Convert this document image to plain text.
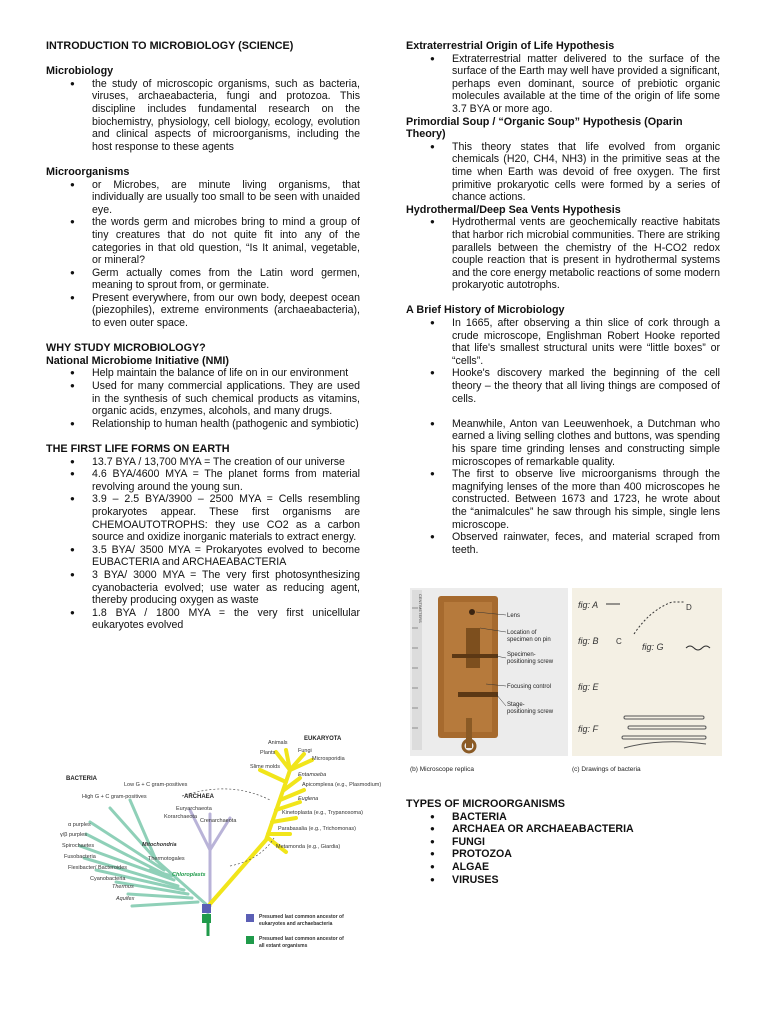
INTRODUCTION TO MICROBIOLOGY (SCIENCE)
Microbiology
● the study of microscopic organisms, such as bacteria, viruses, archaeabacteria, fungi and protozoa. This discipline includes fundamental research on the biochemistry, physiology, cell biology, ecology, evolution and clinical aspects of microorganisms, including the host response to these agents
Microorganisms
● or Microbes, are minute living organisms, that individually are usually too small to be seen with unaided eye.
● the words germ and microbes bring to mind a group of tiny creatures that do not quite fit into any of the categories in that old question, “Is It animal, vegetable, or mineral?
● Germ actually comes from the Latin word germen, meaning to sprout from, or germinate.
● Present everywhere, from our own body, deepest ocean (piezophiles), extreme environments (archaeabacteria), to even outer space.
WHY STUDY MICROBIOLOGY?
National Microbiome Initiative (NMI)
● Help maintain the balance of life on in our environment
● Used for many commercial applications. They are used in the synthesis of such chemical products as vitamins, organic acids, enzymes, alcohols, and many drugs.
● Relationship to human health (pathogenic and symbiotic)
THE FIRST LIFE FORMS ON EARTH
● 13.7 BYA / 13,700 MYA = The creation of our universe
● 4.6 BYA/4600 MYA = The planet forms from material revolving around the young sun.
● 3.9 – 2.5 BYA/3900 – 2500 MYA = Cells resembling prokaryotes appear. These first organisms are CHEMOAUTOTROPHS: they use CO2 as a carbon source and oxidize inorganic materials to extract energy.
● 3.5 BYA/ 3500 MYA = Prokaryotes evolved to become EUBACTERIA and ARCHAEABACTERIA
● 3 BYA/ 3000 MYA = The very first photosynthesizing cyanobacteria evolved; use water as reducing agent, thereby producing oxygen as waste
● 1.8 BYA / 1800 MYA = the very first unicellular eukaryotes evolved
Extraterrestrial Origin of Life Hypothesis
● Extraterrestrial matter delivered to the surface of the surface of the Earth may well have provided a significant, perhaps even dominant, source of prebiotic organic molecules available at the time of the origin of life some 3.7 BYA or more ago.
Primordial Soup / “Organic Soup” Hypothesis (Oparin Theory)
● This theory states that life evolved from organic chemicals (H20, CH4, NH3) in the primitive seas at the time when Earth was devoid of free oxygen. The first primitive prokaryotic cells were formed by a series of chance actions.
Hydrothermal/Deep Sea Vents Hypothesis
● Hydrothermal vents are geochemically reactive habitats that harbor rich microbial communities. There are striking parallels between the chemistry of the H-CO2 redox couple reaction that is present in hydrothermal systems and the core energy metabolic reactions of some modern prokaryotic autotrophs.
A Brief History of Microbiology
● In 1665, after observing a thin slice of cork through a crude microscope, Englishman Robert Hooke reported that life's smallest structural units were “little boxes” or “cells”.
● Hooke's discovery marked the beginning of the cell theory – the theory that all living things are composed of cells.
● Meanwhile, Anton van Leeuwenhoek, a Dutchman who earned a living selling clothes and buttons, was spending his spare time grinding lenses and constructing simple microscopes of remarkable quality.
● The first to observe live microorganisms through the magnifying lenses of the more than 400 microscopes he constructed. Between 1673 and 1723, he wrote about the “animalcules” he saw through his simple, single lens microscope.
● Observed rainwater, feces, and material scraped from teeth.
CENTIMETERS	Lens
Location of specimen on pin
Specimen-positioning screw
Focusing control
Stage-positioning screw
(b) Microscope replica
fig: A	D
fig: B C
fig: G
fig: E
fig: F
(c) Drawings of bacteria
TYPES OF MICROORGANISMS
● BACTERIA
● ARCHAEA OR ARCHAEABACTERIA
● FUNGI
● PROTOZOA
● ALGAE
● VIRUSES
BACTERIA
ARCHAEA
EUKARYOTA
Low G + C gram-positives
High G + C gram-positives
α purples
γ/β purples
Spirochaetes
Fusobacteria
Flexibacter/ Bacteroides
Cyanobacteria
Thermus
Aquifex
Thermotogales
Euryarchaeota
Korarchaeota
Crenarchaeota
Animals
Plants	Fungi
Microsporidia
Slime molds
Entamoeba
Apicomplexa (e.g., Plasmodium)
Euglena
Kinetoplasta (e.g., Trypanosoma)
Parabasalia (e.g., Trichomonas)
Metamonda (e.g., Giardia)
Mitochondria
Chloroplasts
Presumed last common ancestor of eukaryotes and archaebacteria
Presumed last common ancestor of all extant organisms
